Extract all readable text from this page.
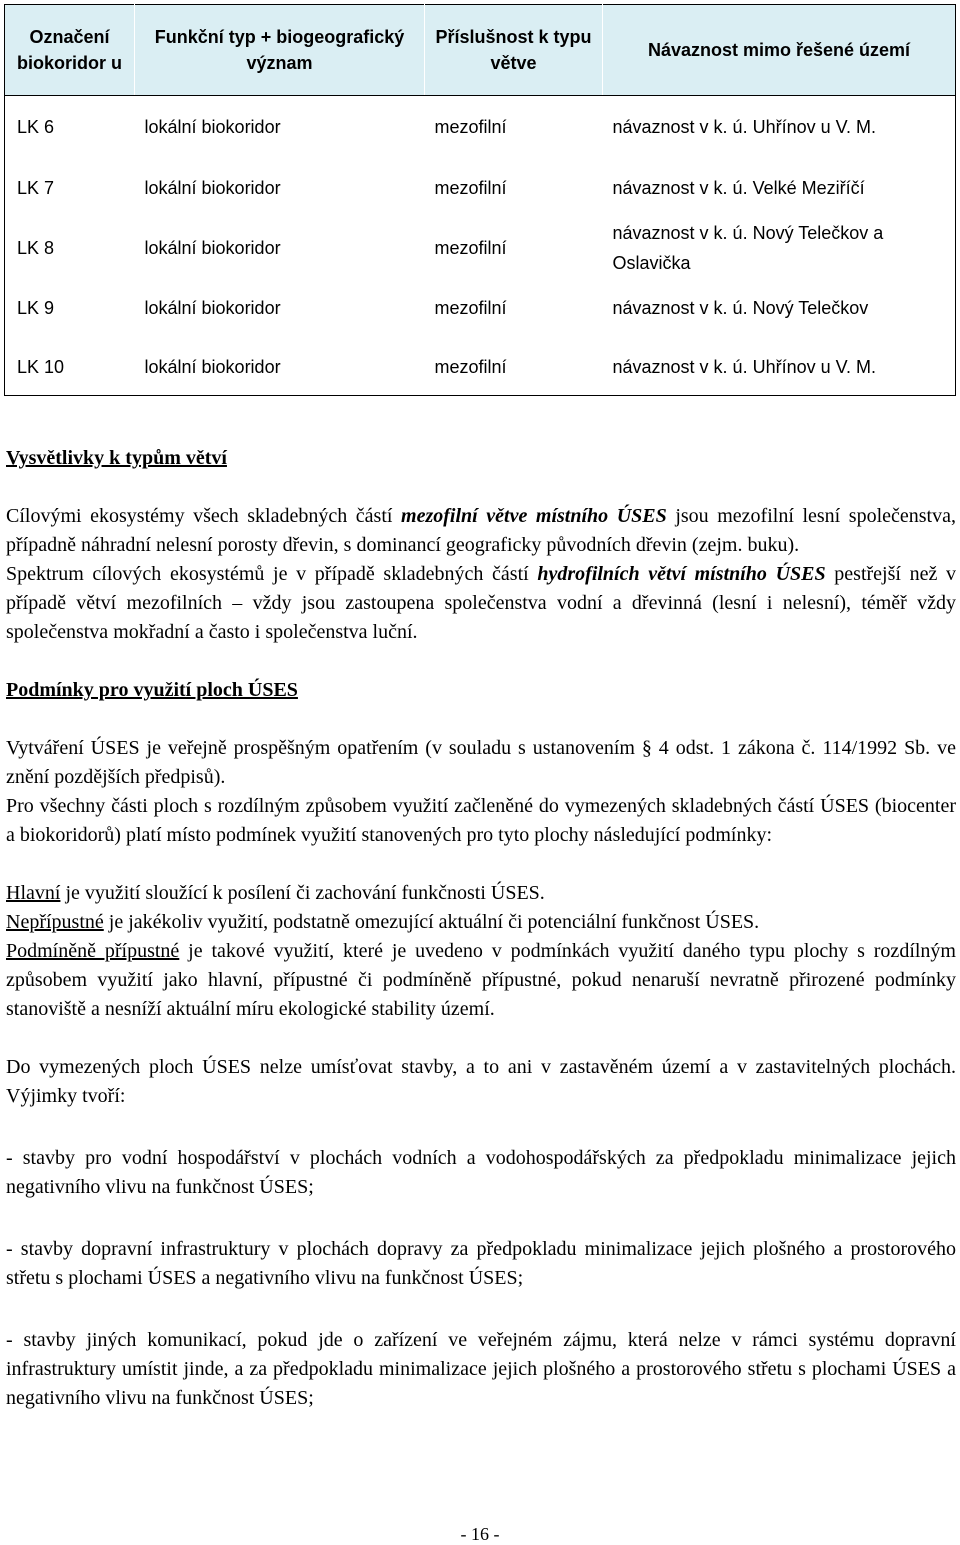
Označení biokoridor u	Funkční typ + biogeografický význam	Příslušnost k typu větve	Návaznost mimo řešené území
LK 6	lokální biokoridor	mezofilní	návaznost v k. ú. Uhřínov u V. M.
LK 7	lokální biokoridor	mezofilní	návaznost v k. ú. Velké Meziříčí
LK 8	lokální biokoridor	mezofilní	návaznost v k. ú. Nový Telečkov a Oslavička
LK 9	lokální biokoridor	mezofilní	návaznost v k. ú. Nový Telečkov
LK 10	lokální biokoridor	mezofilní	návaznost v k. ú. Uhřínov u V. M.
Vysvětlivky k typům větví

Cílovými ekosystémy všech skladebných částí mezofilní větve místního ÚSES jsou mezofilní lesní společenstva, případně náhradní nelesní porosty dřevin, s dominancí geograficky původních dřevin (zejm. buku).

Spektrum cílových ekosystémů je v případě skladebných částí hydrofilních větví místního ÚSES pestřejší než v případě větví mezofilních – vždy jsou zastoupena společenstva vodní a dřevinná (lesní i nelesní), téměř vždy společenstva mokřadní a často i společenstva luční.

Podmínky pro využití ploch ÚSES

Vytváření ÚSES je veřejně prospěšným opatřením (v souladu s ustanovením § 4 odst. 1 zákona č. 114/1992 Sb. ve znění pozdějších předpisů).

Pro všechny části ploch s rozdílným způsobem využití začleněné do vymezených skladebných částí ÚSES (biocenter a biokoridorů) platí místo podmínek využití stanovených pro tyto plochy následující podmínky:

Hlavní je využití sloužící k posílení či zachování funkčnosti ÚSES.

Nepřípustné je jakékoliv využití, podstatně omezující aktuální či potenciální funkčnost ÚSES.

Podmíněně přípustné je takové využití, které je uvedeno v podmínkách využití daného typu plochy s rozdílným způsobem využití jako hlavní, přípustné či podmíněně přípustné, pokud nenaruší nevratně přirozené podmínky stanoviště a nesníží aktuální míru ekologické stability území.

Do vymezených ploch ÚSES nelze umísťovat stavby, a to ani v zastavěném území a v zastavitelných plochách. Výjimky tvoří:

- stavby pro vodní hospodářství v plochách vodních a vodohospodářských za předpokladu minimalizace jejich negativního vlivu na funkčnost ÚSES;

- stavby dopravní infrastruktury v plochách dopravy za předpokladu minimalizace jejich plošného a prostorového střetu s plochami ÚSES a negativního vlivu na funkčnost ÚSES;

- stavby jiných komunikací, pokud jde o zařízení ve veřejném zájmu, která nelze v rámci systému dopravní infrastruktury umístit jinde, a za předpokladu minimalizace jejich plošného a prostorového střetu s plochami ÚSES a negativního vlivu na funkčnost ÚSES;

- 16 -
